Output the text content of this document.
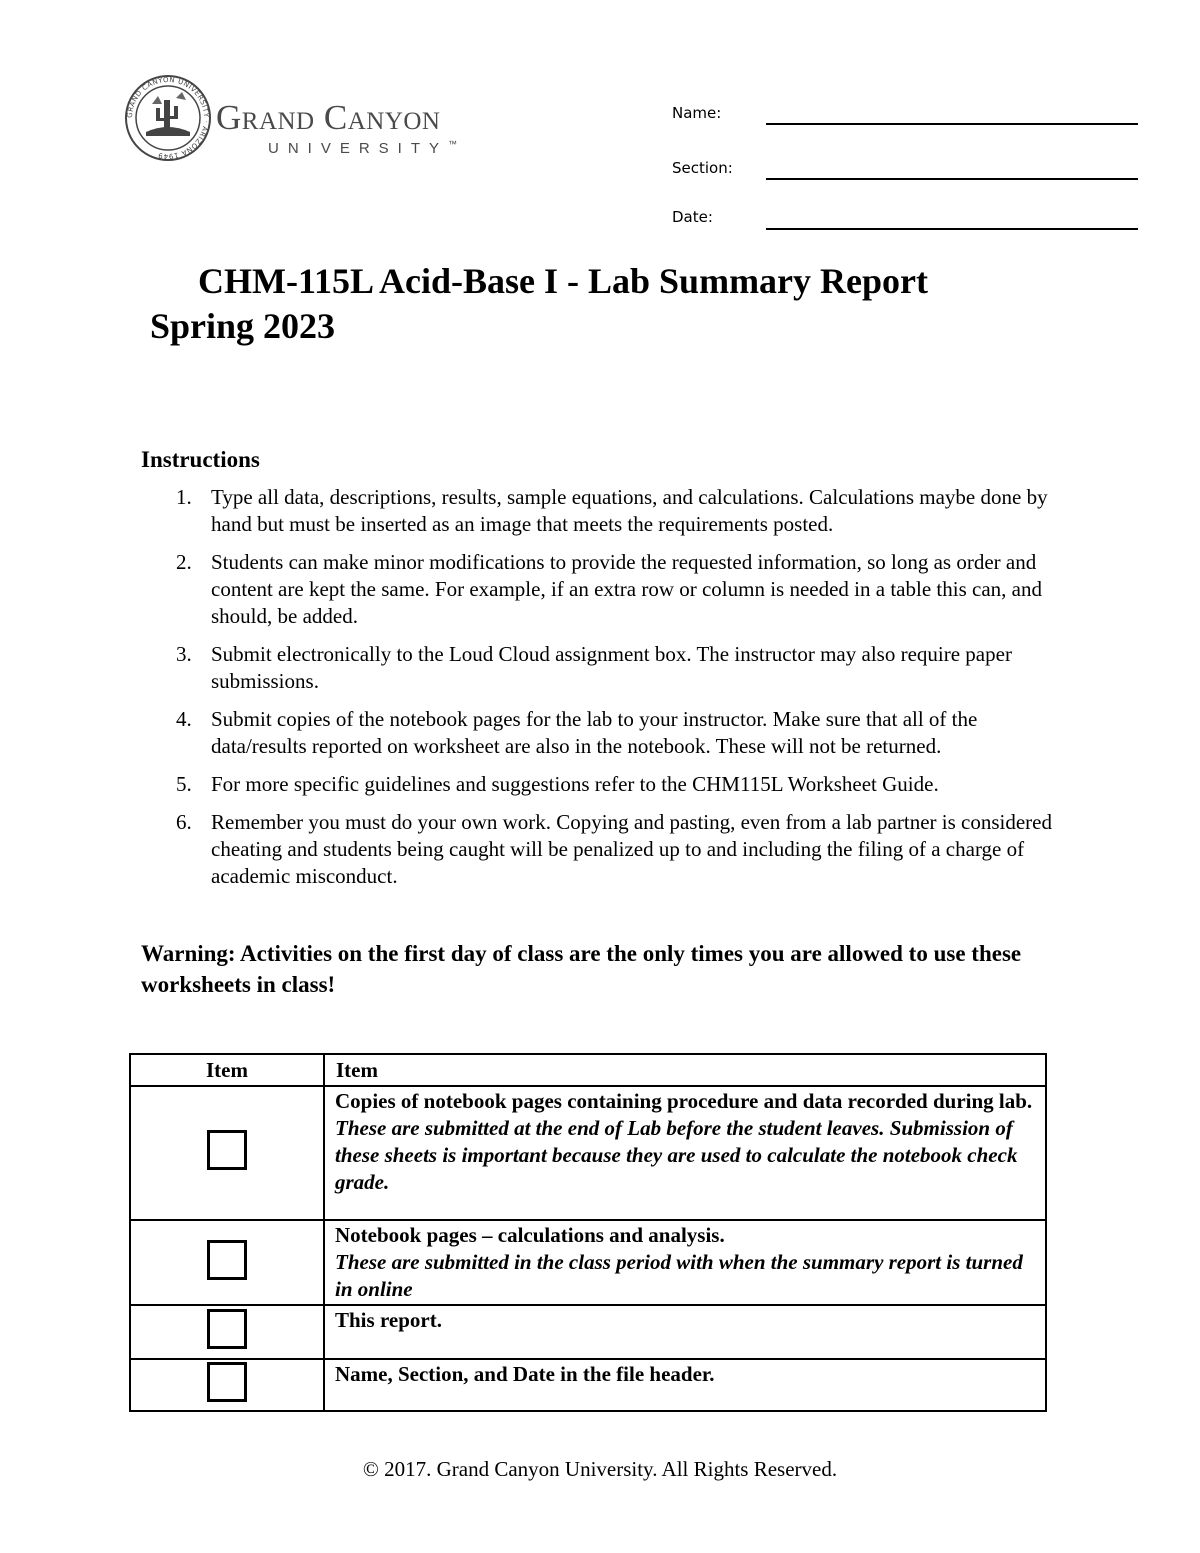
GRAND CANYON UNIVERSITY · ARIZONA 1949
Grand Canyon
UNIVERSITY™
Name:
Section:
Date:
CHM-115L Acid-Base I - Lab Summary Report
Spring 2023
Instructions
1. Type all data, descriptions, results, sample equations, and calculations. Calculations maybe done by hand but must be inserted as an image that meets the requirements posted.
2. Students can make minor modifications to provide the requested information, so long as order and content are kept the same. For example, if an extra row or column is needed in a table this can, and should, be added.
3. Submit electronically to the Loud Cloud assignment box. The instructor may also require paper submissions.
4. Submit copies of the notebook pages for the lab to your instructor. Make sure that all of the data/results reported on worksheet are also in the notebook. These will not be returned.
5. For more specific guidelines and suggestions refer to the CHM115L Worksheet Guide.
6. Remember you must do your own work. Copying and pasting, even from a lab partner is considered cheating and students being caught will be penalized up to and including the filing of a charge of academic misconduct.
Warning: Activities on the first day of class are the only times you are allowed to use these worksheets in class!
Item	Item
	Copies of notebook pages containing procedure and data recorded during lab.
These are submitted at the end of Lab before the student leaves. Submission of these sheets is important because they are used to calculate the notebook check grade.

	Notebook pages – calculations and analysis.
These are submitted in the class period with when the summary report is turned in online

	This report.
	Name, Section, and Date in the file header.
© 2017. Grand Canyon University. All Rights Reserved.
